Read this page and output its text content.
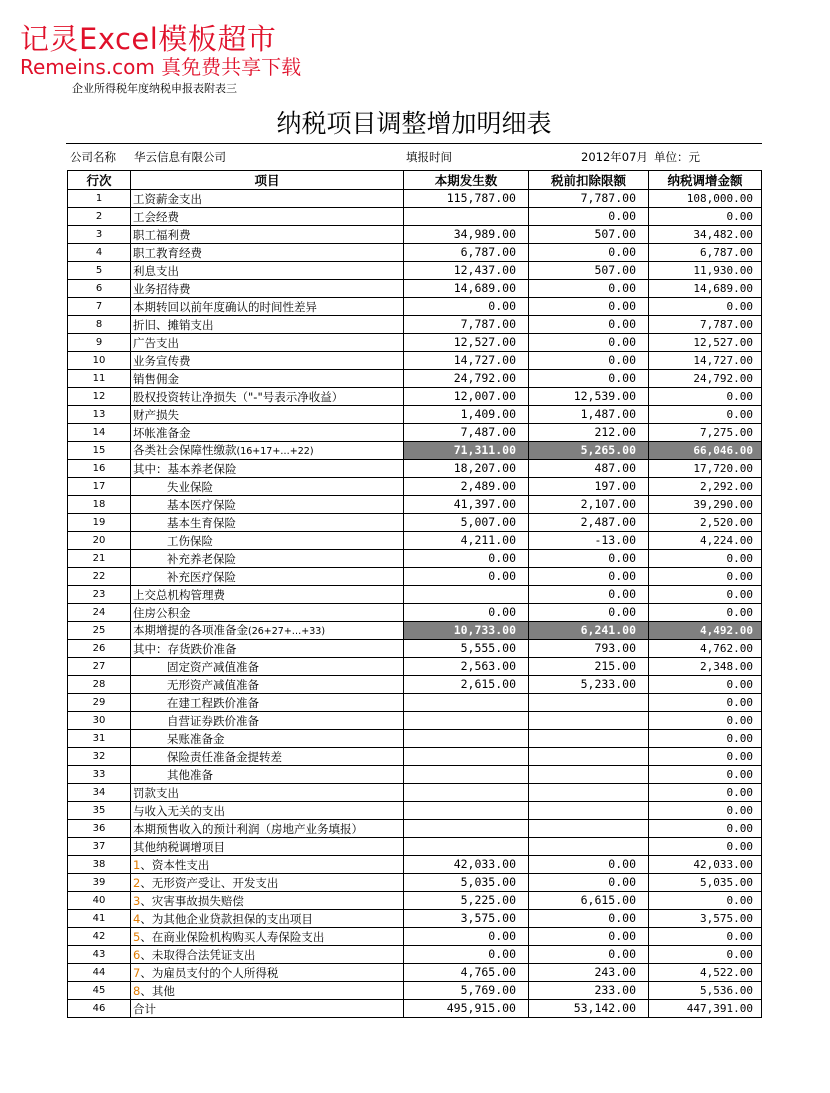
记灵Excel模板超市
Remeins.com 真免费共享下载
企业所得税年度纳税申报表附表三
纳税项目调整增加明细表
公司名称 华云信息有限公司	填报时间	2012年07月 单位：元
行次	项目	本期发生数	税前扣除限额	纳税调增金额
1	工资薪金支出	115,787.00	7,787.00	108,000.00
2	工会经费		0.00	0.00
3	职工福利费	34,989.00	507.00	34,482.00
4	职工教育经费	6,787.00	0.00	6,787.00
5	利息支出	12,437.00	507.00	11,930.00
6	业务招待费	14,689.00	0.00	14,689.00
7	本期转回以前年度确认的时间性差异	0.00	0.00	0.00
8	折旧、摊销支出	7,787.00	0.00	7,787.00
9	广告支出	12,527.00	0.00	12,527.00
10	业务宣传费	14,727.00	0.00	14,727.00
11	销售佣金	24,792.00	0.00	24,792.00
12	股权投资转让净损失（"-"号表示净收益）	12,007.00	12,539.00	0.00
13	财产损失	1,409.00	1,487.00	0.00
14	坏帐准备金	7,487.00	212.00	7,275.00
15	各类社会保障性缴款(16+17+…+22)	71,311.00	5,265.00	66,046.00
16	其中：基本养老保险	18,207.00	487.00	17,720.00
17	失业保险	2,489.00	197.00	2,292.00
18	基本医疗保险	41,397.00	2,107.00	39,290.00
19	基本生育保险	5,007.00	2,487.00	2,520.00
20	工伤保险	4,211.00	-13.00	4,224.00
21	补充养老保险	0.00	0.00	0.00
22	补充医疗保险	0.00	0.00	0.00
23	上交总机构管理费		0.00	0.00
24	住房公积金	0.00	0.00	0.00
25	本期增提的各项准备金(26+27+…+33)	10,733.00	6,241.00	4,492.00
26	其中：存货跌价准备	5,555.00	793.00	4,762.00
27	固定资产减值准备	2,563.00	215.00	2,348.00
28	无形资产减值准备	2,615.00	5,233.00	0.00
29	在建工程跌价准备			0.00
30	自营证券跌价准备			0.00
31	呆账准备金			0.00
32	保险责任准备金提转差			0.00
33	其他准备			0.00
34	罚款支出			0.00
35	与收入无关的支出			0.00
36	本期预售收入的预计利润（房地产业务填报）			0.00
37	其他纳税调增项目			0.00
38	1、资本性支出	42,033.00	0.00	42,033.00
39	2、无形资产受让、开发支出	5,035.00	0.00	5,035.00
40	3、灾害事故损失赔偿	5,225.00	6,615.00	0.00
41	4、为其他企业贷款担保的支出项目	3,575.00	0.00	3,575.00
42	5、在商业保险机构购买人寿保险支出	0.00	0.00	0.00
43	6、未取得合法凭证支出	0.00	0.00	0.00
44	7、为雇员支付的个人所得税	4,765.00	243.00	4,522.00
45	8、其他	5,769.00	233.00	5,536.00
46	合计	495,915.00	53,142.00	447,391.00
